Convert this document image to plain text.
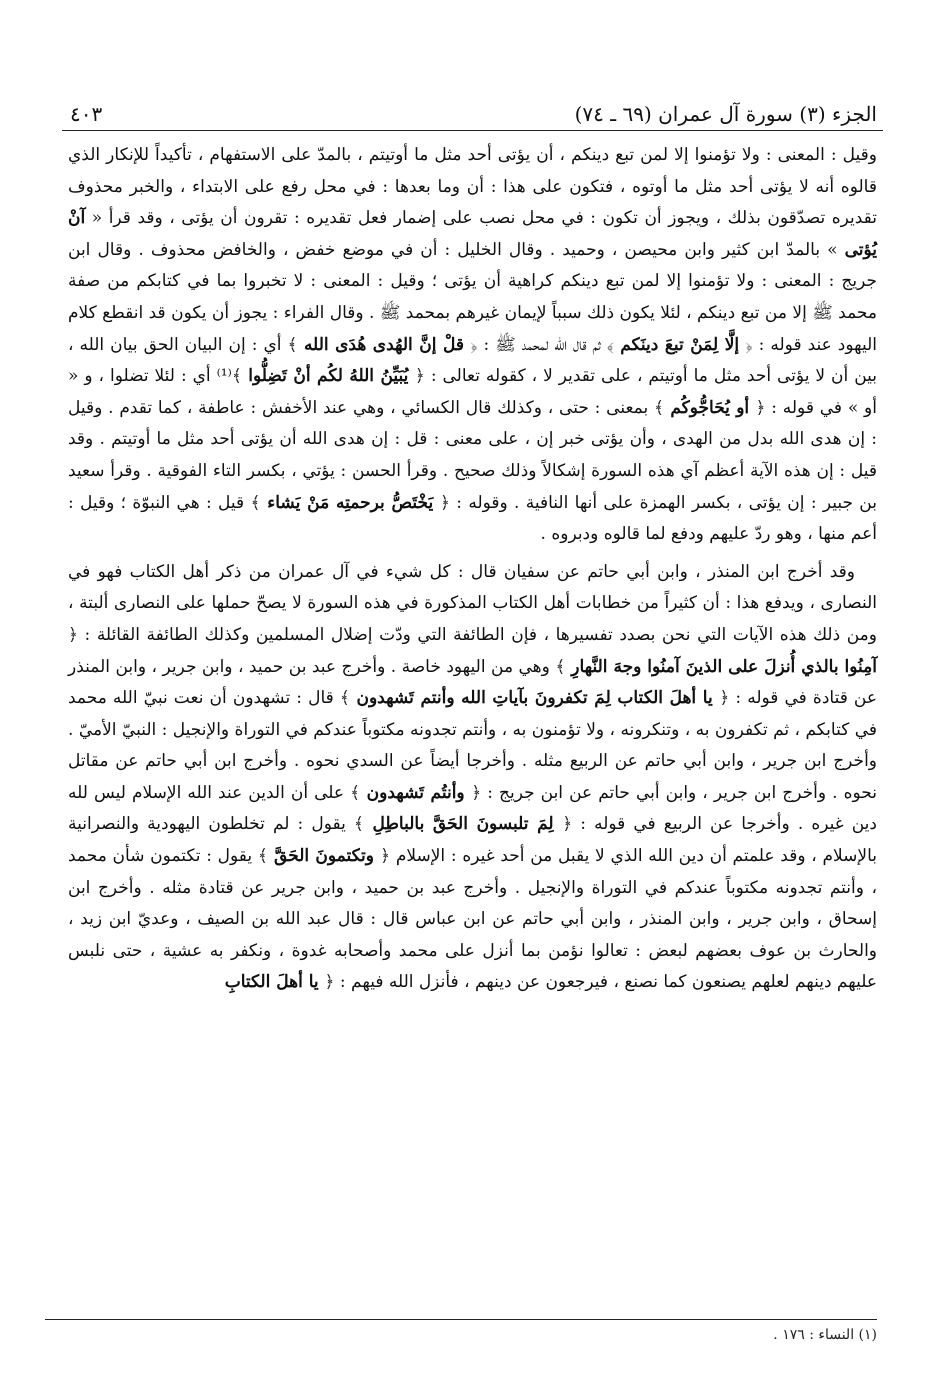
الجزء (٣) سورة آل عمران (٦٩ ـ ٧٤)
٤٠٣

وقيل : المعنى : ولا تؤمنوا إلا لمن تبع دينكم ، أن يؤتى أحد مثل ما أوتيتم ، بالمدّ على الاستفهام ، تأكيداً للإنكار الذي قالوه أنه لا يؤتى أحد مثل ما أوتوه ، فتكون على هذا : أن وما بعدها : في محل رفع على الابتداء ، والخبر محذوف تقديره تصدّقون بذلك ، ويجوز أن تكون : في محل نصب على إضمار فعل تقديره : تقرون أن يؤتى ، وقد قرأ « آنْ يُؤتى » بالمدّ ابن كثير وابن محيصن ، وحميد . وقال الخليل : أن في موضع خفض ، والخافض محذوف . وقال ابن جريج : المعنى : ولا تؤمنوا إلا لمن تبع دينكم كراهية أن يؤتى ؛ وقيل : المعنى : لا تخبروا بما في كتابكم من صفة محمد ﷺ إلا من تبع دينكم ، لئلا يكون ذلك سبباً لإيمان غيرهم بمحمد ﷺ . وقال الفراء : يجوز أن يكون قد انقطع كلام اليهود عند قوله : ﴿ إلَّا لِمَنْ تبعَ دينَكم ﴾ ثم قال الله لمحمد ﷺ : ﴿ قلْ إنَّ الهُدى هُدَى الله ﴾ أي : إن البيان الحق بيان الله ، بين أن لا يؤتى أحد مثل ما أوتيتم ، على تقدير لا ، كقوله تعالى : ﴿ يُبَيِّنُ اللهُ لكُم أنْ تَضِلُّوا ﴾⁽¹⁾ أي : لئلا تضلوا ، و « أو » في قوله : ﴿ أو يُحَاجُّوكُم ﴾ بمعنى : حتى ، وكذلك قال الكسائي ، وهي عند الأخفش : عاطفة ، كما تقدم . وقيل : إن هدى الله بدل من الهدى ، وأن يؤتى خبر إن ، على معنى : قل : إن هدى الله أن يؤتى أحد مثل ما أوتيتم . وقد قيل : إن هذه الآية أعظم آي هذه السورة إشكالاً وذلك صحيح . وقرأ الحسن : يؤتي ، بكسر التاء الفوقية . وقرأ سعيد بن جبير : إن يؤتى ، بكسر الهمزة على أنها النافية . وقوله : ﴿ يَخْتَصُّ برحمتِه مَنْ يَشاء ﴾ قيل : هي النبوّة ؛ وقيل : أعم منها ، وهو ردّ عليهم ودفع لما قالوه ودبروه .

وقد أخرج ابن المنذر ، وابن أبي حاتم عن سفيان قال : كل شيء في آل عمران من ذكر أهل الكتاب فهو في النصارى ، ويدفع هذا : أن كثيراً من خطابات أهل الكتاب المذكورة في هذه السورة لا يصحّ حملها على النصارى ألبتة ، ومن ذلك هذه الآيات التي نحن بصدد تفسيرها ، فإن الطائفة التي ودّت إضلال المسلمين وكذلك الطائفة القائلة : ﴿ آمِنُوا بالذي أُنزلَ على الذينَ آمنُوا وجهَ النَّهارِ ﴾ وهي من اليهود خاصة . وأخرج عبد بن حميد ، وابن جرير ، وابن المنذر عن قتادة في قوله : ﴿ يا أهلَ الكتاب لِمَ تكفرونَ بآياتِ الله وأنتم تَشهدون ﴾ قال : تشهدون أن نعت نبيّ الله محمد في كتابكم ، ثم تكفرون به ، وتنكرونه ، ولا تؤمنون به ، وأنتم تجدونه مكتوباً عندكم في التوراة والإنجيل : النبيّ الأميّ . وأخرج ابن جرير ، وابن أبي حاتم عن الربيع مثله . وأخرجا أيضاً عن السدي نحوه . وأخرج ابن أبي حاتم عن مقاتل نحوه . وأخرج ابن جرير ، وابن أبي حاتم عن ابن جريج : ﴿ وأنتُم تَشهدون ﴾ على أن الدين عند الله الإسلام ليس لله دين غيره . وأخرجا عن الربيع في قوله : ﴿ لِمَ تلبسونَ الحَقَّ بالباطِلِ ﴾ يقول : لم تخلطون اليهودية والنصرانية بالإسلام ، وقد علمتم أن دين الله الذي لا يقبل من أحد غيره : الإسلام ﴿ وتكتمونَ الحَقَّ ﴾ يقول : تكتمون شأن محمد ، وأنتم تجدونه مكتوباً عندكم في التوراة والإنجيل . وأخرج عبد بن حميد ، وابن جرير عن قتادة مثله . وأخرج ابن إسحاق ، وابن جرير ، وابن المنذر ، وابن أبي حاتم عن ابن عباس قال : قال عبد الله بن الصيف ، وعديّ ابن زيد ، والحارث بن عوف بعضهم لبعض : تعالوا نؤمن بما أنزل على محمد وأصحابه غدوة ، ونكفر به عشية ، حتى نلبس عليهم دينهم لعلهم يصنعون كما نصنع ، فيرجعون عن دينهم ، فأنزل الله فيهم : ﴿ يا أهلَ الكتابِ

(١) النساء : ١٧٦ .
